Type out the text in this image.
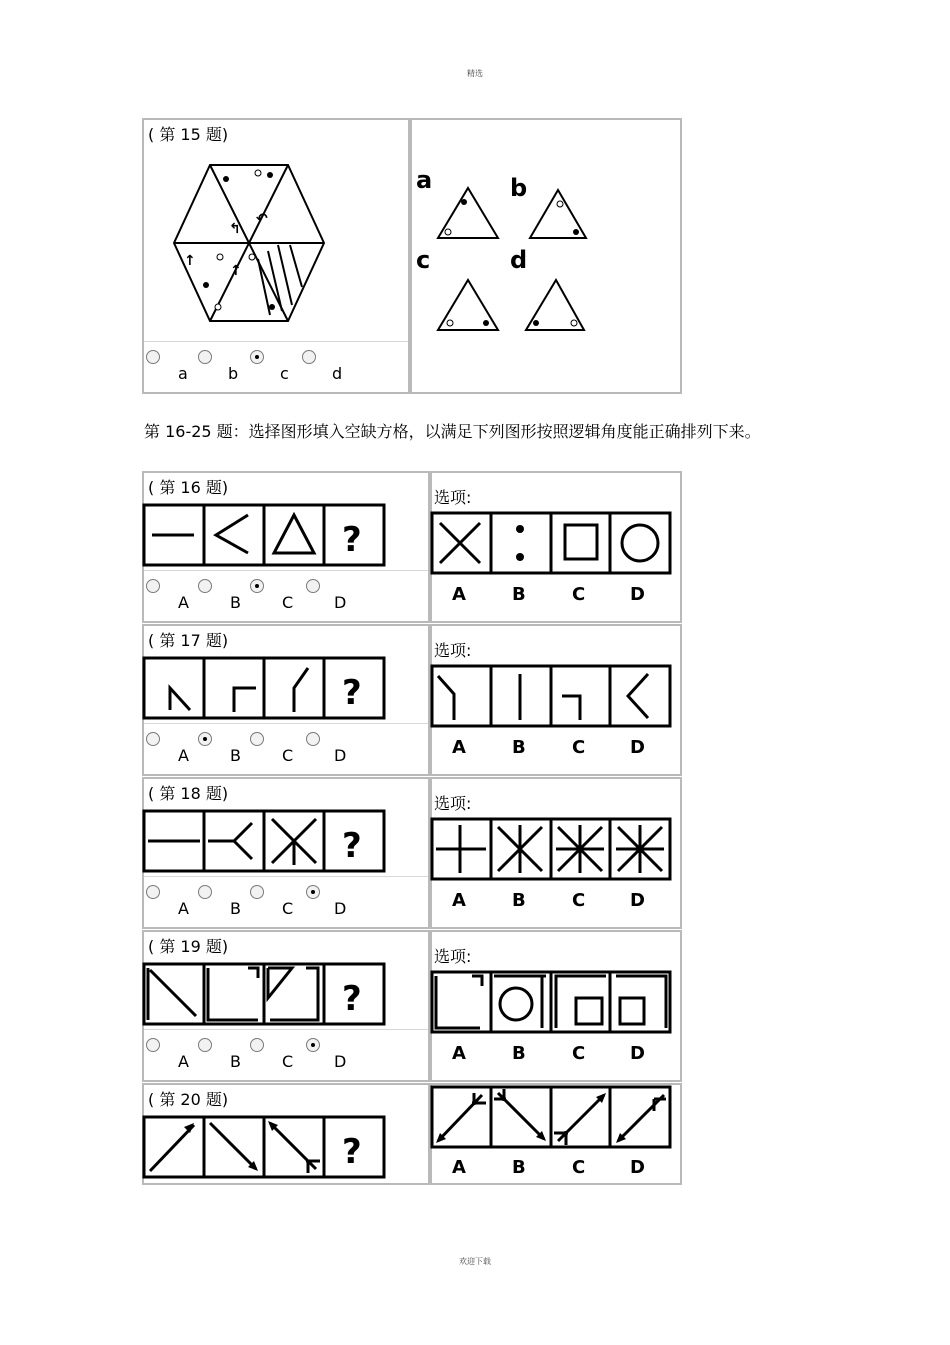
精选
( 第 15 题)
↰
↶
↑
↑
a	b	c	d
a	b
c	d
第 16-25 题：选择图形填入空缺方格，以满足下列图形按照逻辑角度能正确排列下来。
( 第 16 题)
?
A	B	C	D
选项:
A	B	C D
( 第 17 题)
?
A	B	C	D
选项:
A	B	C D
( 第 18 题)
?
A	B	C	D
选项:
A	B	C D
( 第 19 题)
?
A	B	C	D
选项:
A	B	C D
( 第 20 题)
?	A	B	C D
欢迎下载
